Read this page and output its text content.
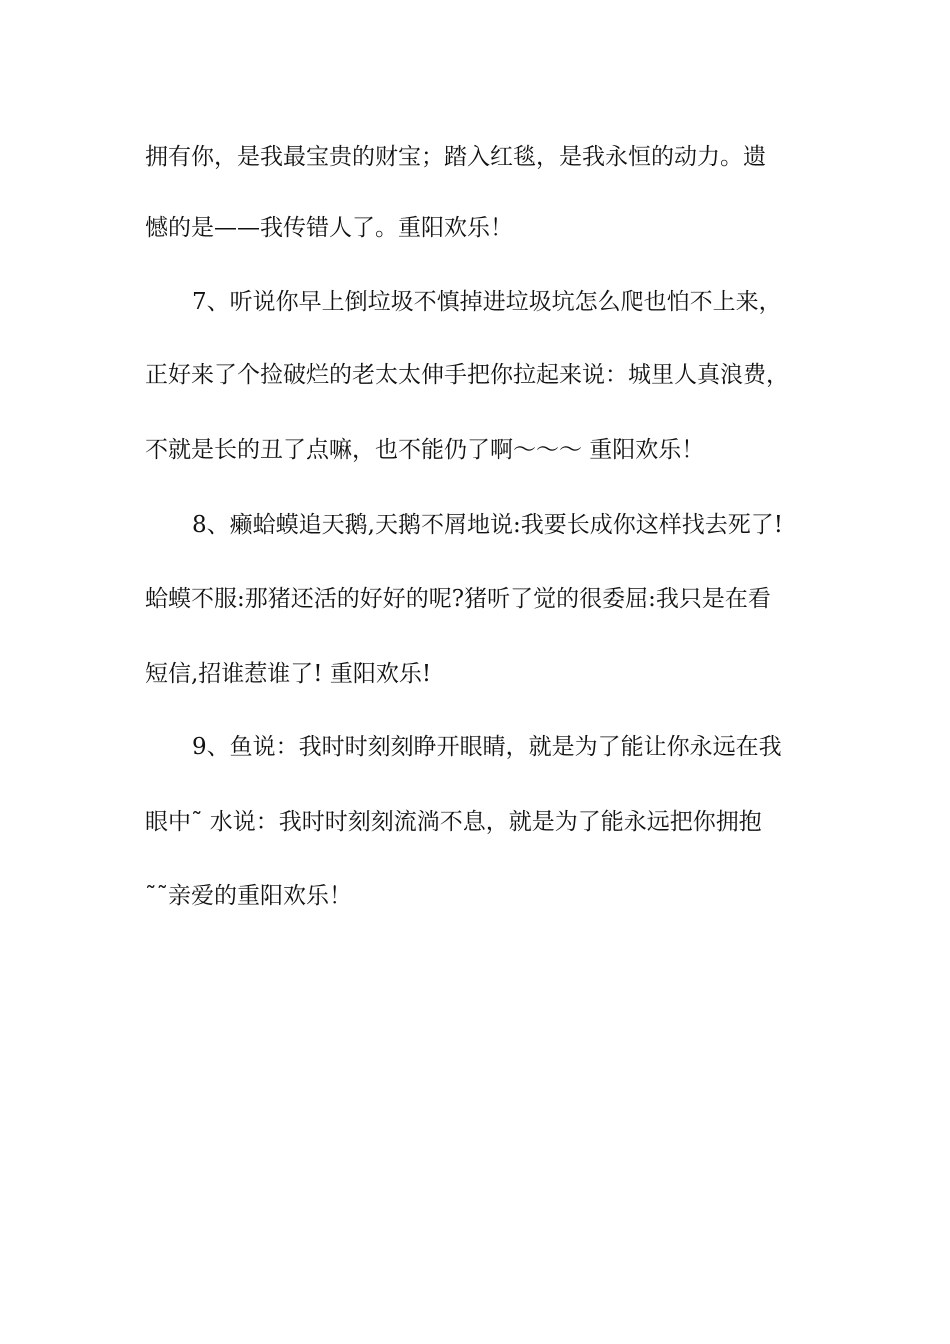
拥有你，是我最宝贵的财宝；踏入红毯，是我永恒的动力。遗
憾的是——我传错人了。重阳欢乐！
7、听说你早上倒垃圾不慎掉进垃圾坑怎么爬也怕不上来，
正好来了个捡破烂的老太太伸手把你拉起来说：城里人真浪费，
不就是长的丑了点嘛，也不能仍了啊～～～ 重阳欢乐！
8、癞蛤蟆追天鹅,天鹅不屑地说:我要长成你这样找去死了!
蛤蟆不服:那猪还活的好好的呢?猪听了觉的很委屈:我只是在看
短信,招谁惹谁了! 重阳欢乐!
9、鱼说：我时时刻刻睁开眼睛，就是为了能让你永远在我
眼中˜ 水说：我时时刻刻流淌不息，就是为了能永远把你拥抱
˜˜亲爱的重阳欢乐！
